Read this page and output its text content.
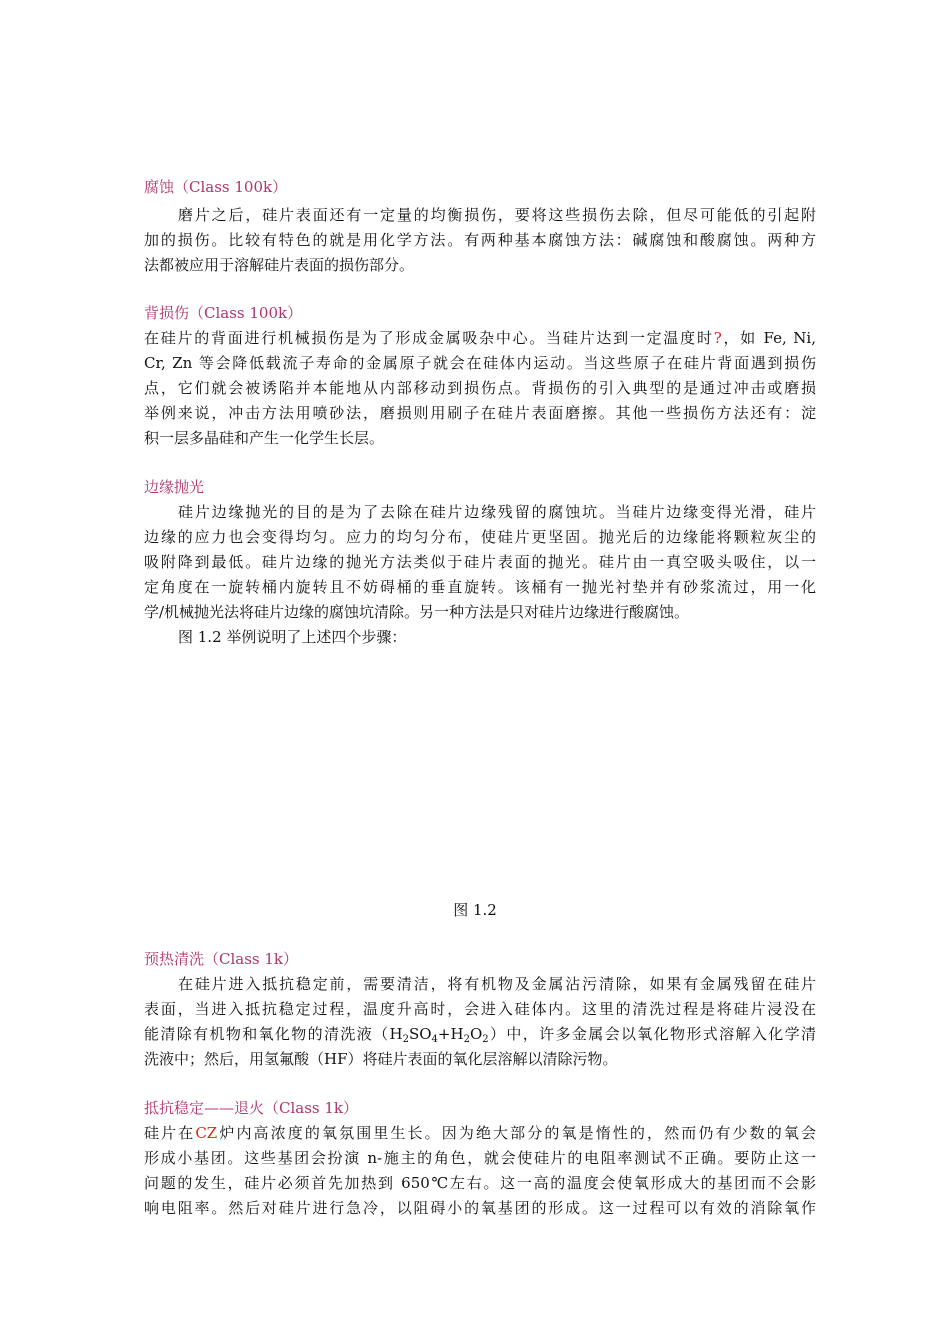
腐蚀（Class 100k）
磨片之后，硅片表面还有一定量的均衡损伤，要将这些损伤去除，但尽可能低的引起附
加的损伤。比较有特色的就是用化学方法。有两种基本腐蚀方法：碱腐蚀和酸腐蚀。两种方
法都被应用于溶解硅片表面的损伤部分。
背损伤（Class 100k）
在硅片的背面进行机械损伤是为了形成金属吸杂中心。当硅片达到一定温度时?，如 Fe, Ni,
Cr, Zn 等会降低载流子寿命的金属原子就会在硅体内运动。当这些原子在硅片背面遇到损伤
点，它们就会被诱陷并本能地从内部移动到损伤点。背损伤的引入典型的是通过冲击或磨损
举例来说，冲击方法用喷砂法，磨损则用刷子在硅片表面磨擦。其他一些损伤方法还有：淀
积一层多晶硅和产生一化学生长层。
边缘抛光
硅片边缘抛光的目的是为了去除在硅片边缘残留的腐蚀坑。当硅片边缘变得光滑，硅片
边缘的应力也会变得均匀。应力的均匀分布，使硅片更坚固。抛光后的边缘能将颗粒灰尘的
吸附降到最低。硅片边缘的抛光方法类似于硅片表面的抛光。硅片由一真空吸头吸住，以一
定角度在一旋转桶内旋转且不妨碍桶的垂直旋转。该桶有一抛光衬垫并有砂浆流过，用一化
学/机械抛光法将硅片边缘的腐蚀坑清除。另一种方法是只对硅片边缘进行酸腐蚀。
图 1.2 举例说明了上述四个步骤：
图 1.2
预热清洗（Class 1k）
在硅片进入抵抗稳定前，需要清洁，将有机物及金属沾污清除，如果有金属残留在硅片
表面，当进入抵抗稳定过程，温度升高时，会进入硅体内。这里的清洗过程是将硅片浸没在
能清除有机物和氧化物的清洗液$(H_2SO_4+H_2O_2)$中，许多金属会以氧化物形式溶解入化学清
洗液中；然后，用氢氟酸（HF）将硅片表面的氧化层溶解以清除污物。
抵抗稳定——退火（Class 1k）
硅片在CZ炉内高浓度的氧氛围里生长。因为绝大部分的氧是惰性的，然而仍有少数的氧会
形成小基团。这些基团会扮演 n-施主的角色，就会使硅片的电阻率测试不正确。要防止这一
问题的发生，硅片必须首先加热到 650℃左右。这一高的温度会使氧形成大的基团而不会影
响电阻率。然后对硅片进行急冷，以阻碍小的氧基团的形成。这一过程可以有效的消除氧作
